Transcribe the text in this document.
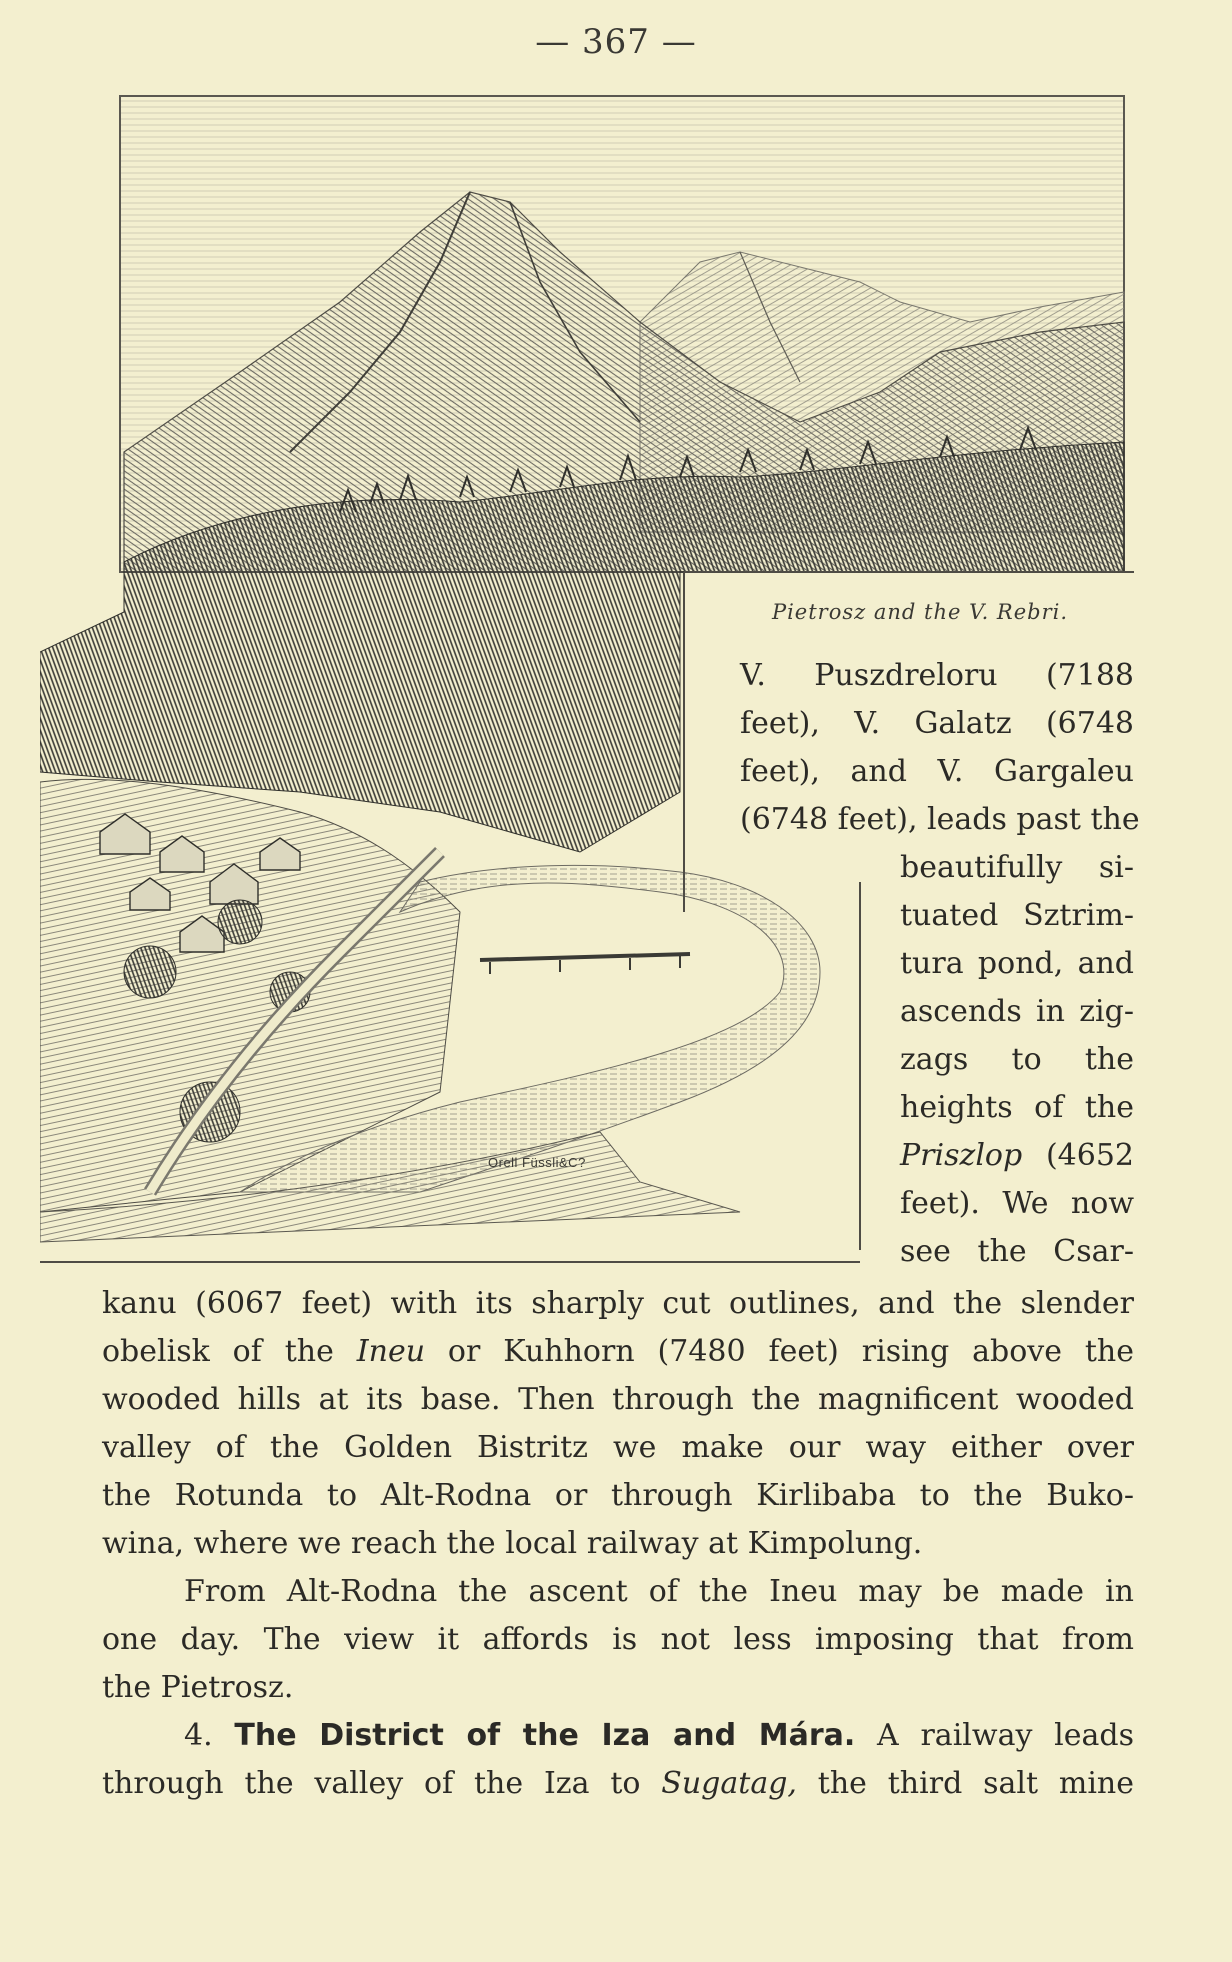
— 367 —
Orell Füssli&C?
Pietrosz and the V. Rebri.
V. Puszdreloru (7188
feet), V. Galatz (6748
feet), and V. Gargaleu
(6748 feet), leads past the
beautifully si-
tuated Sztrim-
tura pond, and
ascends in zig-
zags to the
heights of the
Priszlop (4652
feet). We now
see the Csar-
kanu (6067 feet) with its sharply cut outlines, and the slender
obelisk of the Ineu or Kuhhorn (7480 feet) rising above the
wooded hills at its base. Then through the magnificent wooded
valley of the Golden Bistritz we make our way either over
the Rotunda to Alt-Rodna or through Kirlibaba to the Buko-
wina, where we reach the local railway at Kimpolung.
From Alt-Rodna the ascent of the Ineu may be made in
one day. The view it affords is not less imposing that from
the Pietrosz.
4. The District of the Iza and Mára. A railway leads
through the valley of the Iza to Sugatag, the third salt mine
